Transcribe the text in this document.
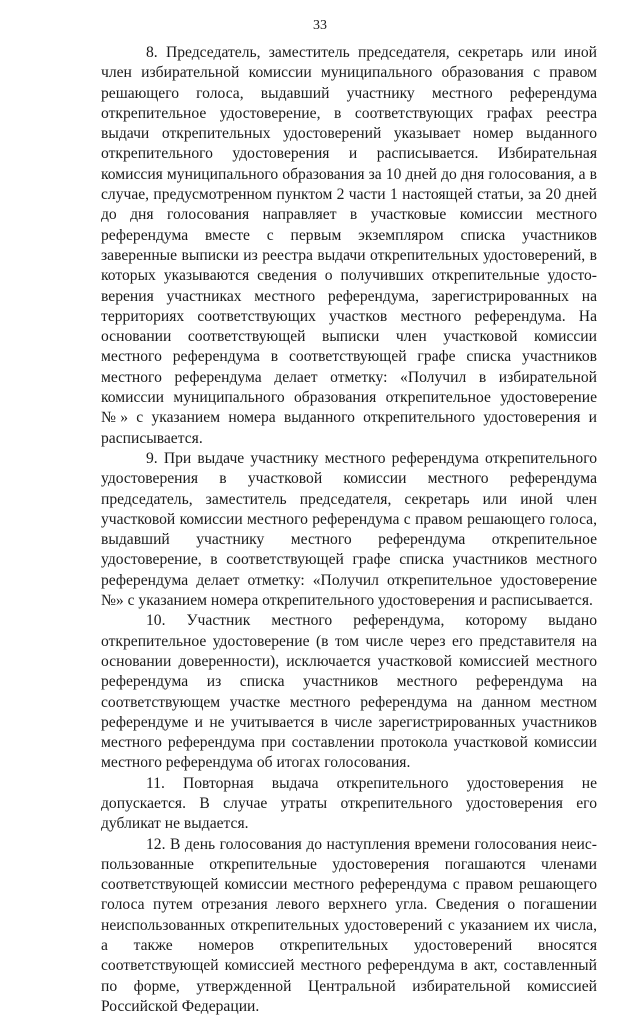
33

8. Председатель, заместитель председателя, секретарь или иной член избирательной комиссии муниципального образования с правом решающего голоса, выдавший участнику местного референдума открепительное удостоверение, в соответствующих графах реестра выдачи открепительных удостоверений указывает номер выданного открепительного удостоверения и расписывается. Избирательная комиссия муниципального образования за 10 дней до дня голосования, а в случае, предусмотренном пунктом 2 части 1 настоящей статьи, за 20 дней до дня голосования направляет в участковые комиссии местного референдума вместе с первым экземпляром списка участников заверенные выписки из реестра выдачи открепительных удостоверений, в которых указываются сведения о получивших открепительные удостоверения участниках местного референдума, зарегистрированных на территориях соответствующих участков местного референдума. На основании соответствующей выписки член участковой комиссии местного референдума в соответствующей графе списка участников местного референдума делает отметку: «Получил в избирательной комиссии муниципального образования открепительное удостоверение №» с указанием номера выданного открепительного удостоверения и расписывается.

9. При выдаче участнику местного референдума открепительного удостоверения в участковой комиссии местного референдума председатель, заместитель председателя, секретарь или иной член участковой комиссии местного референдума с правом решающего голоса, выдавший участнику местного референдума открепительное удостоверение, в соответствующей графе списка участников местного референдума делает отметку: «Получил открепительное удостоверение №» с указанием номера открепительного удостоверения и расписывается.

10. Участник местного референдума, которому выдано открепительное удостоверение (в том числе через его представителя на основании доверенности), исключается участковой комиссией местного референдума из списка участников местного референдума на соответствующем участке местного референдума на данном местном референдуме и не учитывается в числе зарегистрированных участников местного референдума при составлении протокола участковой комиссии местного референдума об итогах голосования.

11. Повторная выдача открепительного удостоверения не допускается. В случае утраты открепительного удостоверения его дубликат не выдается.

12. В день голосования до наступления времени голосования неиспользованные открепительные удостоверения погашаются членами соответствующей комиссии местного референдума с правом решающего голоса путем отрезания левого верхнего угла. Сведения о погашении неиспользованных открепительных удостоверений с указанием их числа, а также номеров открепительных удостоверений вносятся соответствующей комиссией местного референдума в акт, составленный по форме, утвержденной Центральной избирательной комиссией Российской Федерации.
